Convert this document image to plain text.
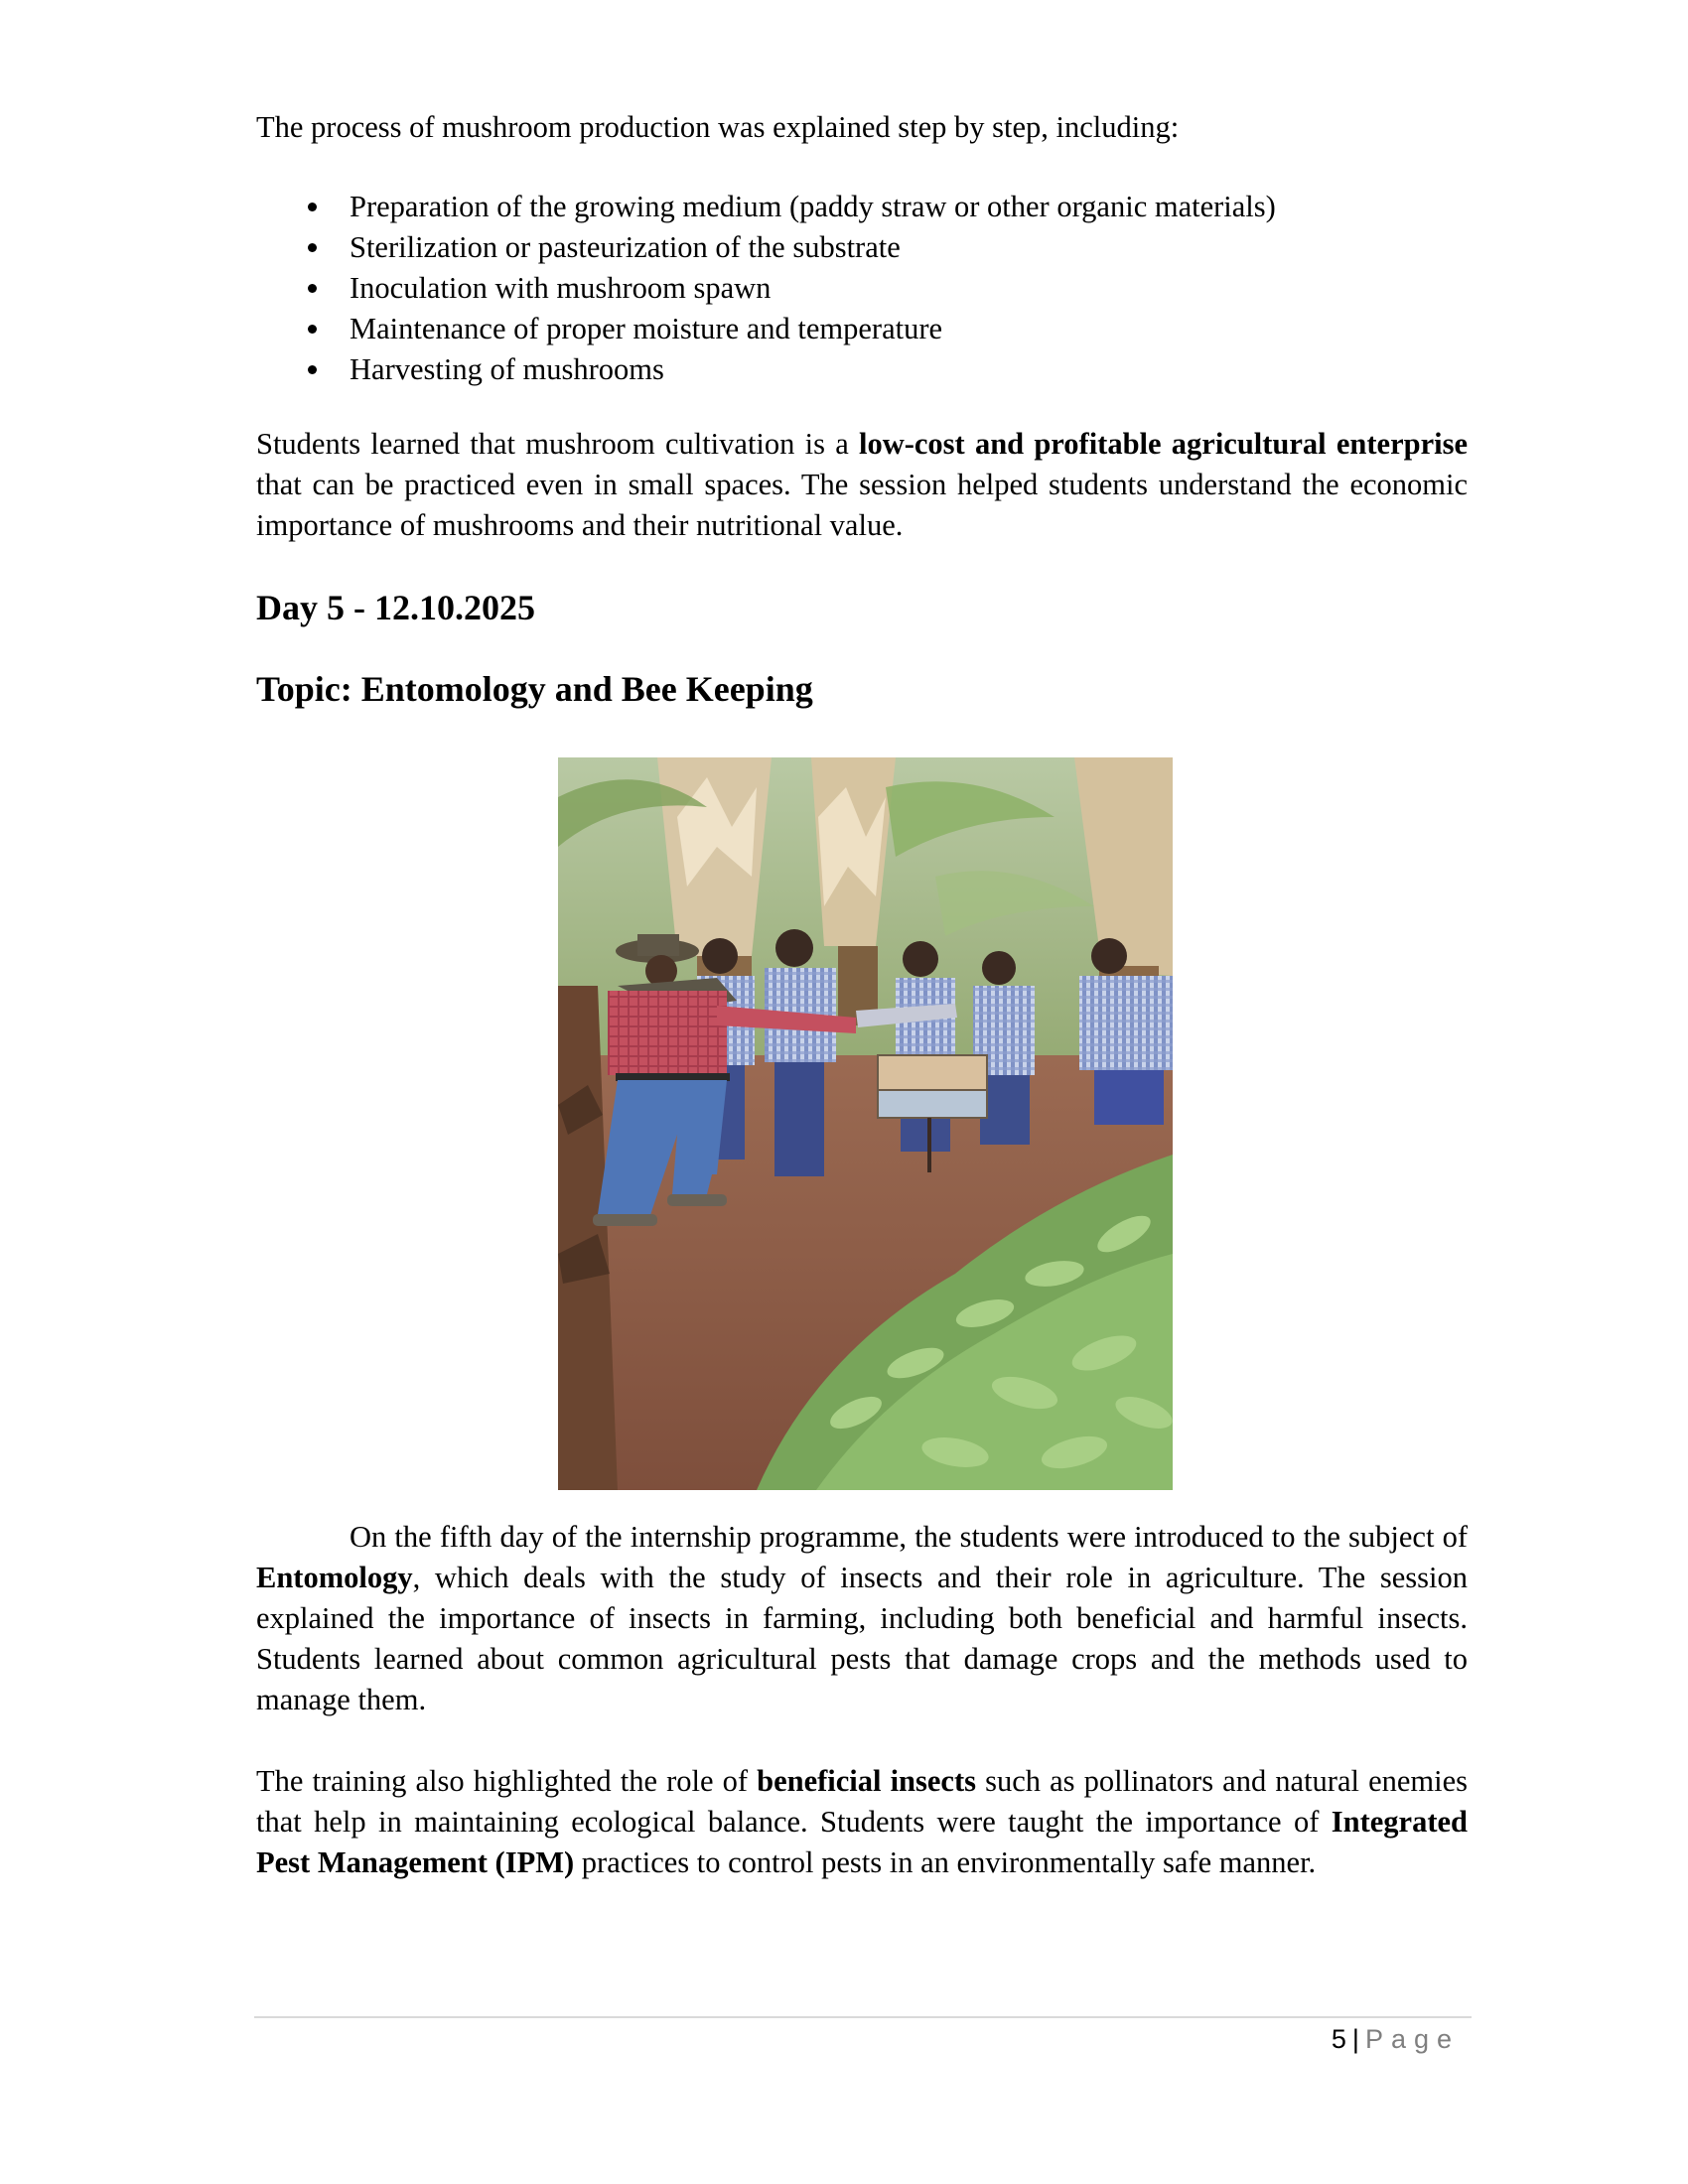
The process of mushroom production was explained step by step, including:

Preparation of the growing medium (paddy straw or other organic materials)
Sterilization or pasteurization of the substrate
Inoculation with mushroom spawn
Maintenance of proper moisture and temperature
Harvesting of mushrooms

Students learned that mushroom cultivation is a low-cost and profitable agricultural enterprise that can be practiced even in small spaces. The session helped students understand the economic importance of mushrooms and their nutritional value.

Day 5 - 12.10.2025
Topic: Entomology and Bee Keeping

On the fifth day of the internship programme, the students were introduced to the subject of Entomology, which deals with the study of insects and their role in agriculture. The session explained the importance of insects in farming, including both beneficial and harmful insects. Students learned about common agricultural pests that damage crops and the methods used to manage them.

The training also highlighted the role of beneficial insects such as pollinators and natural enemies that help in maintaining ecological balance. Students were taught the importance of Integrated Pest Management (IPM) practices to control pests in an environmentally safe manner.

5 | Page
